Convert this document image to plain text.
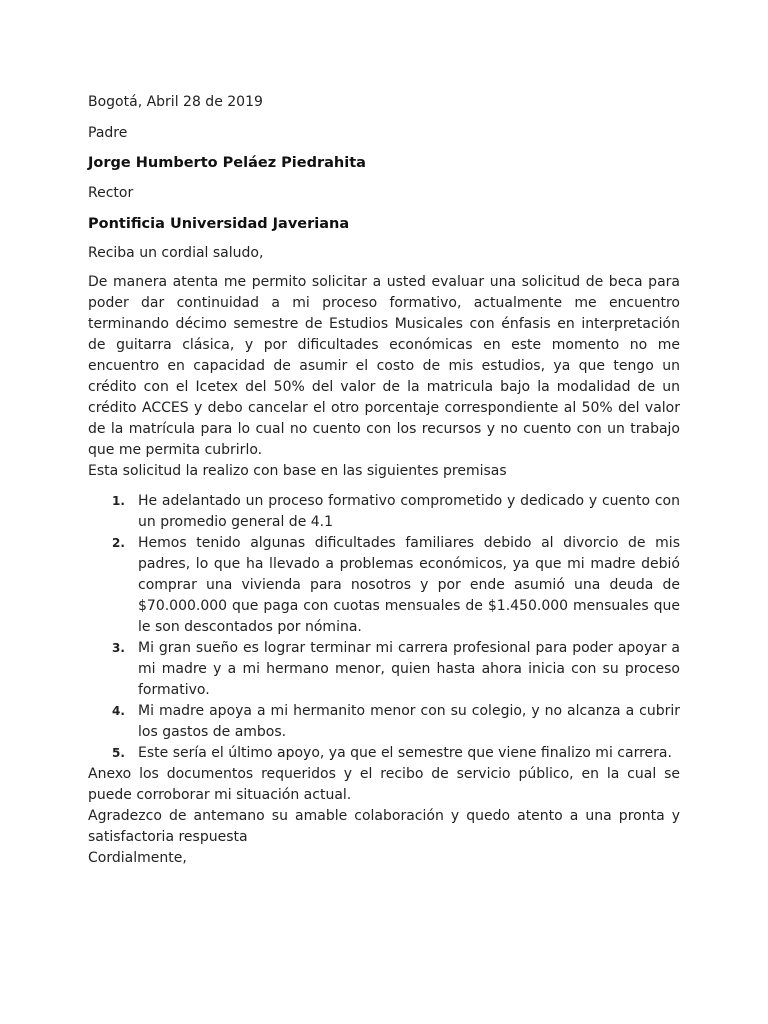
Bogotá, Abril 28 de 2019

Padre

Jorge Humberto Peláez Piedrahita

Rector

Pontificia Universidad Javeriana

Reciba un cordial saludo,

De manera atenta me permito solicitar a usted evaluar una solicitud de beca para poder dar continuidad a mi proceso formativo, actualmente me encuentro terminando décimo semestre de Estudios Musicales con énfasis en interpretación de guitarra clásica, y por dificultades económicas en este momento no me encuentro en capacidad de asumir el costo de mis estudios, ya que tengo un crédito con el Icetex del 50% del valor de la matricula bajo la modalidad de un crédito ACCES y debo cancelar el otro porcentaje correspondiente al 50% del valor de la matrícula para lo cual no cuento con los recursos y no cuento con un trabajo que me permita cubrirlo.

Esta solicitud la realizo con base en las siguientes premisas

1. He adelantado un proceso formativo comprometido y dedicado y cuento con un promedio general de 4.1
2. Hemos tenido algunas dificultades familiares debido al divorcio de mis padres, lo que ha llevado a problemas económicos, ya que mi madre debió comprar una vivienda para nosotros y por ende asumió una deuda de $70.000.000 que paga con cuotas mensuales de $1.450.000 mensuales que le son descontados por nómina.
3. Mi gran sueño es lograr terminar mi carrera profesional para poder apoyar a mi madre y a mi hermano menor, quien hasta ahora inicia con su proceso formativo.
4. Mi madre apoya a mi hermanito menor con su colegio, y no alcanza a cubrir los gastos de ambos.
5. Este sería el último apoyo, ya que el semestre que viene finalizo mi carrera.

Anexo los documentos requeridos y el recibo de servicio público, en la cual se puede corroborar mi situación actual.

Agradezco de antemano su amable colaboración y quedo atento a una pronta y satisfactoria respuesta

Cordialmente,
